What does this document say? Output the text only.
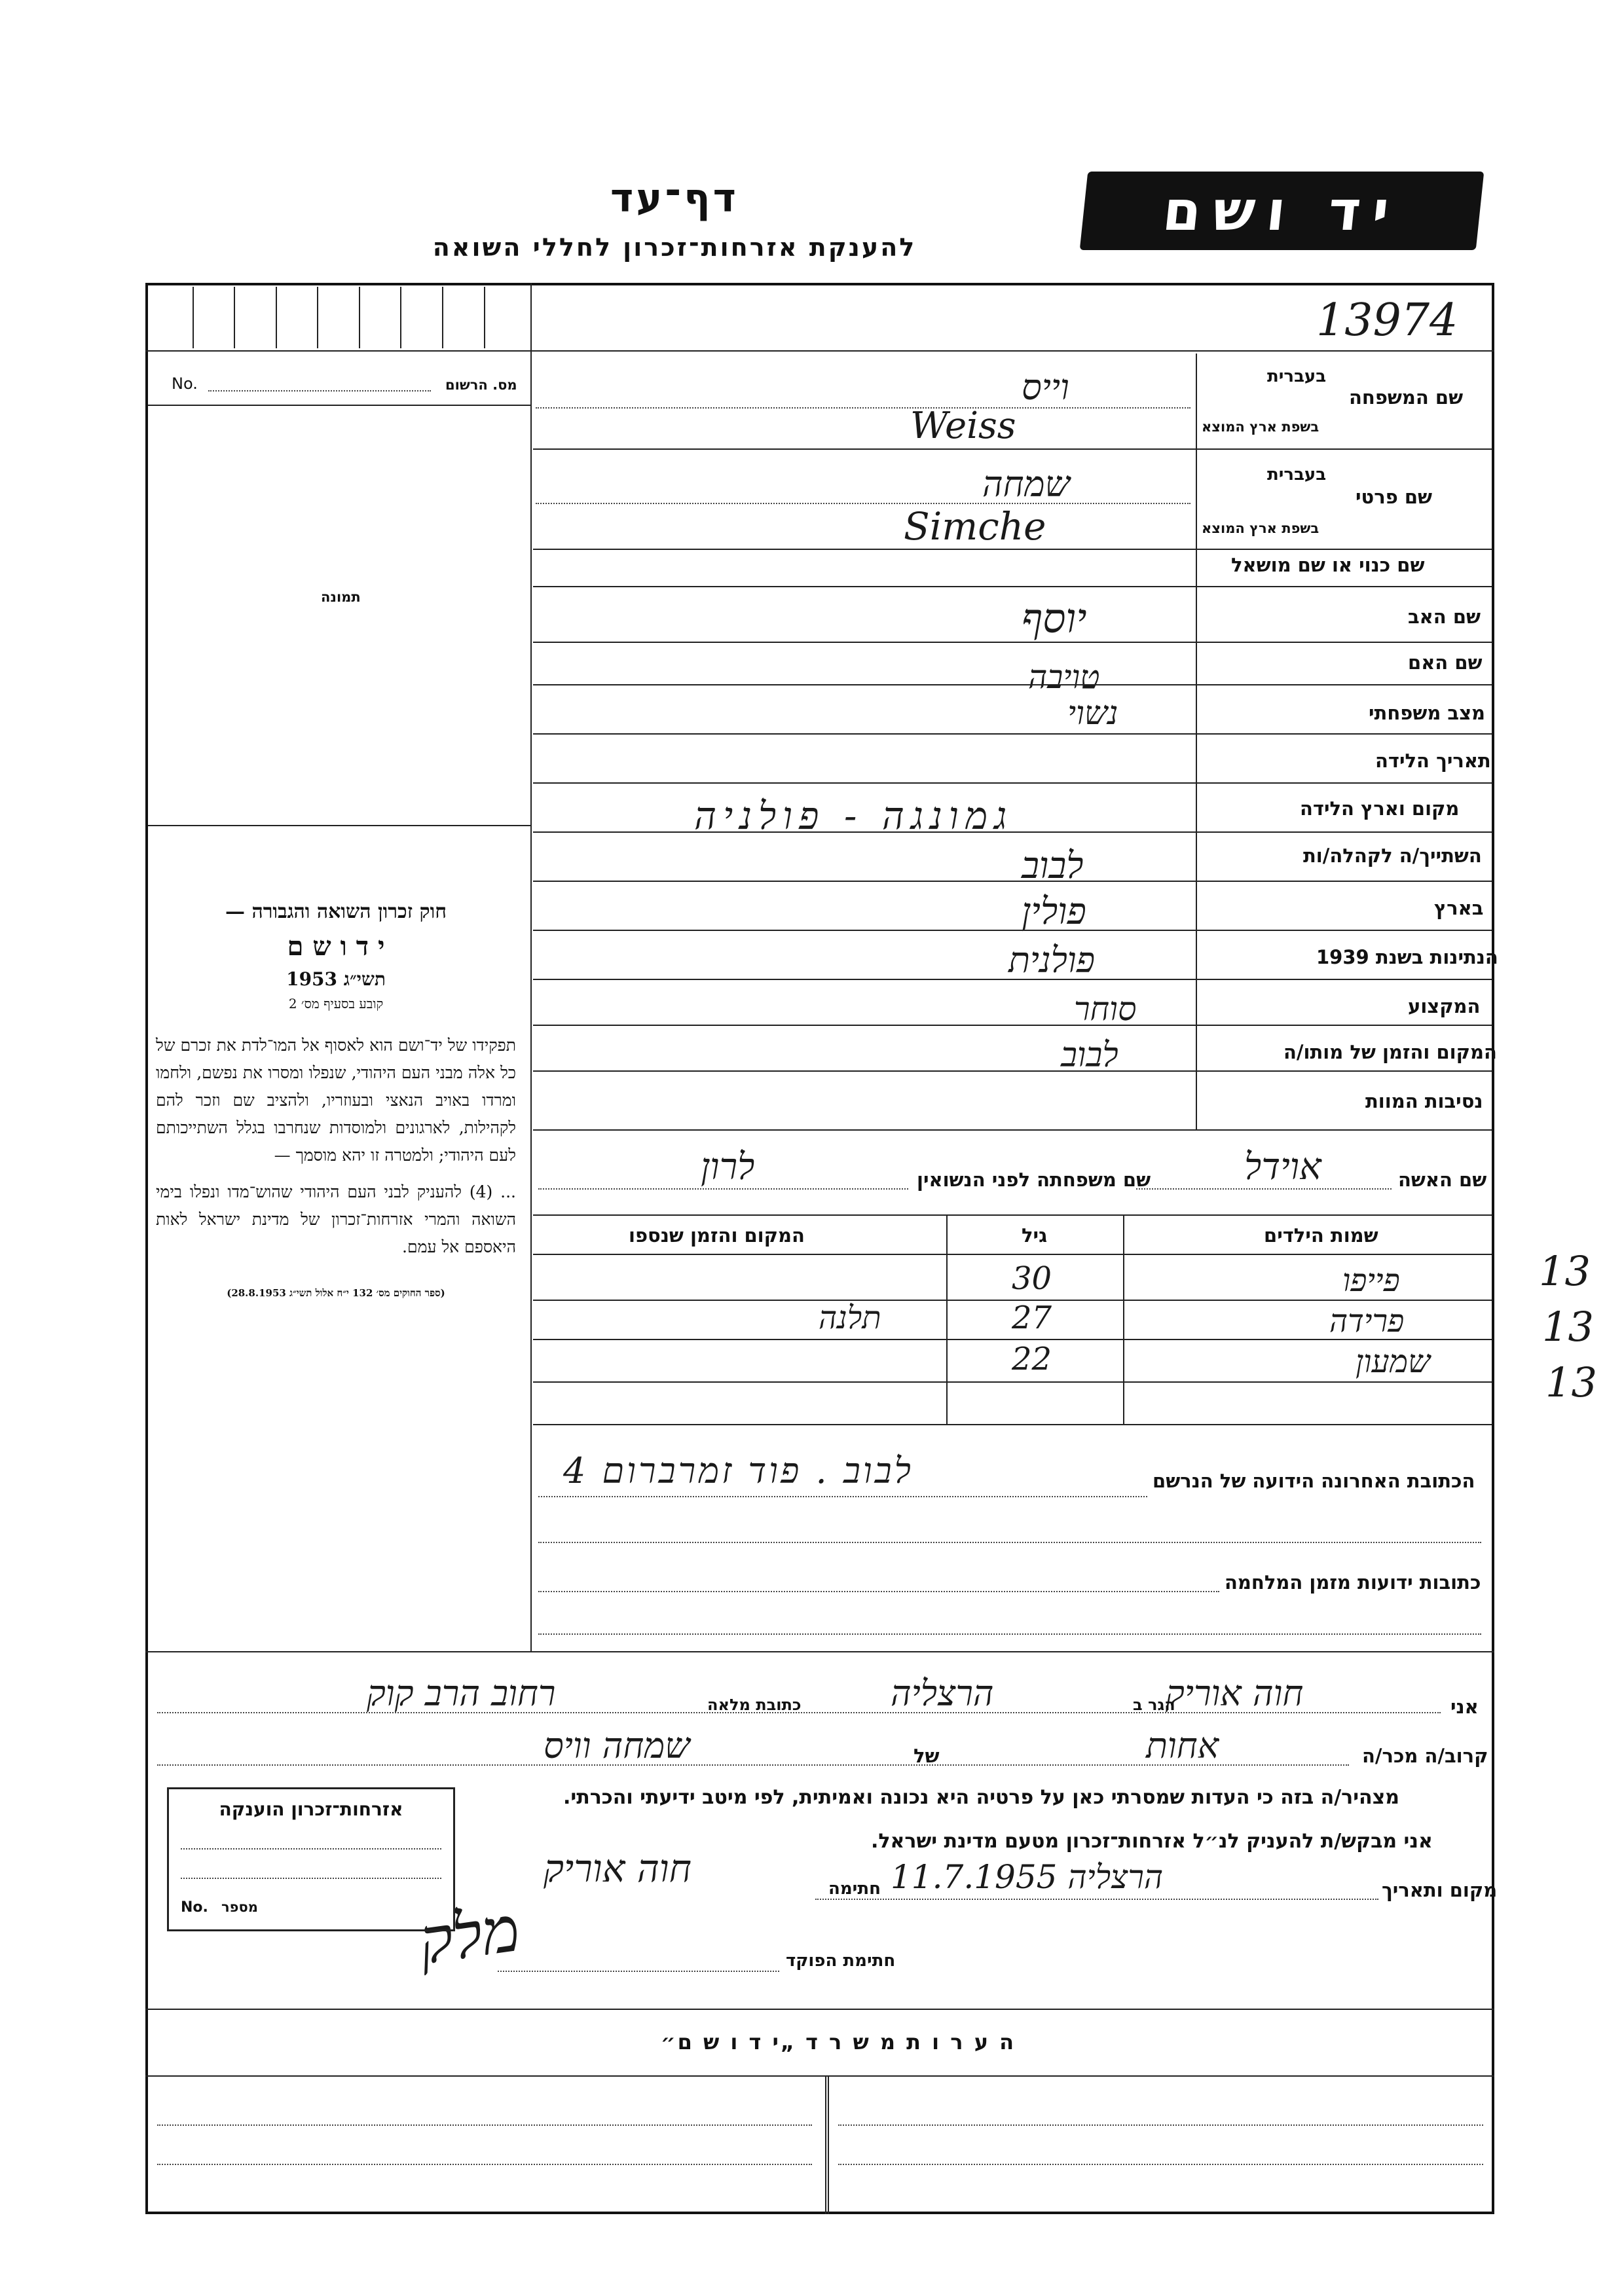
יד ושם
דף־עד
להענקת אזרחות־זכרון לחללי השואה
13974
No.	מס. הרשום
תמונה

חוק זכרון השואה והגבורה —

י ד ו ש ם

תשי״ג 1953

קובע בסעיף מס׳ 2

תפקידו של יד־ושם הוא לאסוף אל המו־לדת את זכרם של כל אלה מבני העם היהודי, שנפלו ומסרו את נפשם, ולחמו ומרדו באויב הנאצי ובעוזריו, ולהציב שם וזכר להם לקהילות, לארגונים ולמוסדות שנחרבו בגלל השתייכותם לעם היהודי; ולמטרה זו יהא מוסמך —

... (4) להעניק לבני העם היהודי שהוש־מדו ונפלו בימי השואה והמרי אזרחות־זכרון של מדינת ישראל לאות היאספם אל עמם.

(ספר החוקים מס׳ 132 י״ח אלול תשי״ג 28.8.1953)

שם המשפחה
בעברית
בשפת ארץ המוצא
וייס
Weiss
שם פרטי
בעברית
בשפת ארץ המוצא
שמחה
Simche
שם כנוי או שם מושאל
שם האב
יוסף
שם האם
טויבה
מצב משפחתי
נשוי
תאריך הלידה
מקום וארץ הלידה
גמונגה - פולניה
השתייך/ה לקהלה/ות
לבוב
בארץ
פולין
הנתינות בשנת 1939
פולנית
המקצוע
סוחר
המקום והזמן של מותו/ה
לבוב
נסיבות המוות
שם האשה
אוידל
שם משפחתה לפני הנשואין
לרון
שמות הילדים
גיל
המקום והזמן שנספו
פייפו
30
פרידה
27
תלנה
שמעון
22
13
13
13
הכתובת האחרונה הידועה של הנרשם
לבוב . פוד זמרברום 4
כתובות ידועות מזמן המלחמה
אני
חוה אוריק
הגר ב
הרצליה
כתובת מלאה
רחוב הרב קוק
קרוב/ה מכר/ה
אחות
של
שמחה וויס
מצהיר/ה בזה כי העדות שמסרתי כאן על פרטיה היא נכונה ואמיתית, לפי מיטב ידיעתי והכרתי.
אני מבקש/ת להעניק לנ״ל אזרחות־זכרון מטעם מדינת ישראל.
מקום ותאריך
הרצליה 11.7.1955
חתימה
חוה אוריק
חתימת הפוקד
מלק
אזרחות־זכרון הוענקה
No. מספר
ה ע ר ו ת מ ש ר ד „י ד ו ש ם״
